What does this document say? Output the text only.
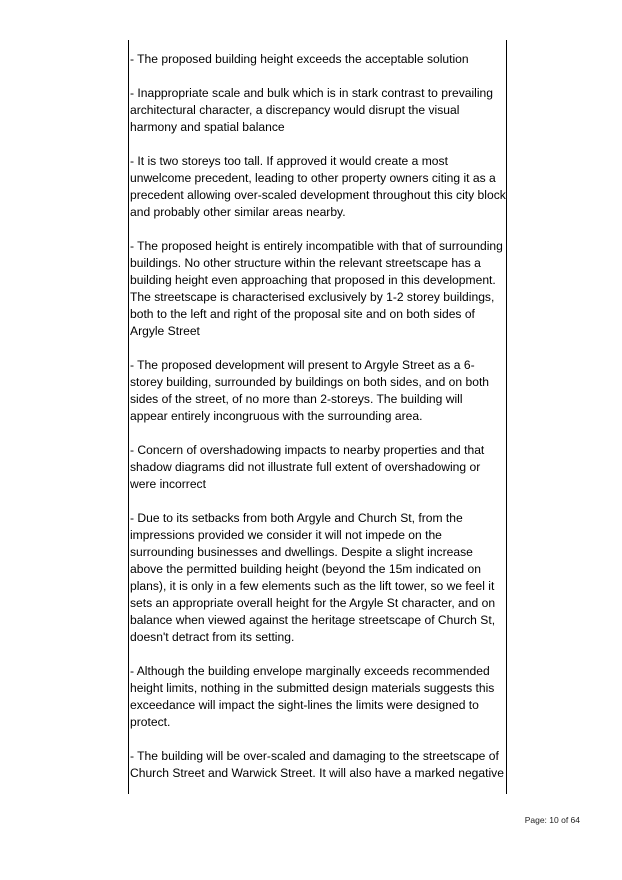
- The proposed building height exceeds the acceptable solution

- Inappropriate scale and bulk which is in stark contrast to prevailing
architectural character, a discrepancy would disrupt the visual
harmony and spatial balance

- It is two storeys too tall. If approved it would create a most
unwelcome precedent, leading to other property owners citing it as a
precedent allowing over-scaled development throughout this city block
and probably other similar areas nearby.

- The proposed height is entirely incompatible with that of surrounding
buildings. No other structure within the relevant streetscape has a
building height even approaching that proposed in this development.
The streetscape is characterised exclusively by 1-2 storey buildings,
both to the left and right of the proposal site and on both sides of
Argyle Street

- The proposed development will present to Argyle Street as a 6-
storey building, surrounded by buildings on both sides, and on both
sides of the street, of no more than 2-storeys. The building will
appear entirely incongruous with the surrounding area.

- Concern of overshadowing impacts to nearby properties and that
shadow diagrams did not illustrate full extent of overshadowing or
were incorrect

- Due to its setbacks from both Argyle and Church St, from the
impressions provided we consider it will not impede on the
surrounding businesses and dwellings. Despite a slight increase
above the permitted building height (beyond the 15m indicated on
plans), it is only in a few elements such as the lift tower, so we feel it
sets an appropriate overall height for the Argyle St character, and on
balance when viewed against the heritage streetscape of Church St,
doesn't detract from its setting.

- Although the building envelope marginally exceeds recommended
height limits, nothing in the submitted design materials suggests this
exceedance will impact the sight-lines the limits were designed to
protect.

- The building will be over-scaled and damaging to the streetscape of
Church Street and Warwick Street. It will also have a marked negative

Page: 10 of 64
